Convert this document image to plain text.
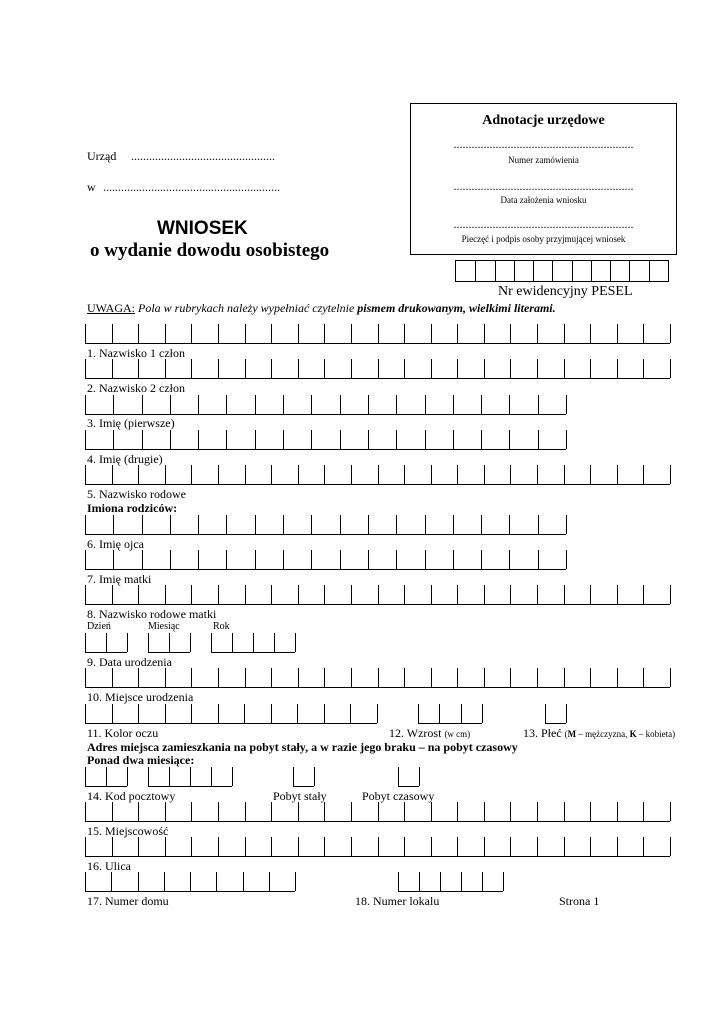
Urząd ................................................
w ...........................................................
WNIOSEK
o wydanie dowodu osobistego
Adnotacje urzędowe
............................................................
Numer zamówienia
............................................................
Data założenia wniosku
............................................................
Pieczęć i podpis osoby przyjmującej wniosek
Nr ewidencyjny PESEL
UWAGA: Pola w rubrykach należy wypełniać czytelnie pismem drukowanym, wielkimi literami.
1. Nazwisko 1 człon
2. Nazwisko 2 człon
3. Imię (pierwsze)
4. Imię (drugie)
5. Nazwisko rodowe
Imiona rodziców:
6. Imię ojca
7. Imię matki
8. Nazwisko rodowe matki
Dzień	Miesiąc	Rok
9. Data urodzenia
10. Miejsce urodzenia
11. Kolor oczu	12. Wzrost (w cm)	13. Płeć (M – mężczyzna, K – kobieta)
Adres miejsca zamieszkania na pobyt stały, a w razie jego braku – na pobyt czasowy
Ponad dwa miesiące:
14. Kod pocztowy	Pobyt stały	Pobyt czasowy
15. Miejscowość
16. Ulica
17. Numer domu	18. Numer lokalu	Strona 1
